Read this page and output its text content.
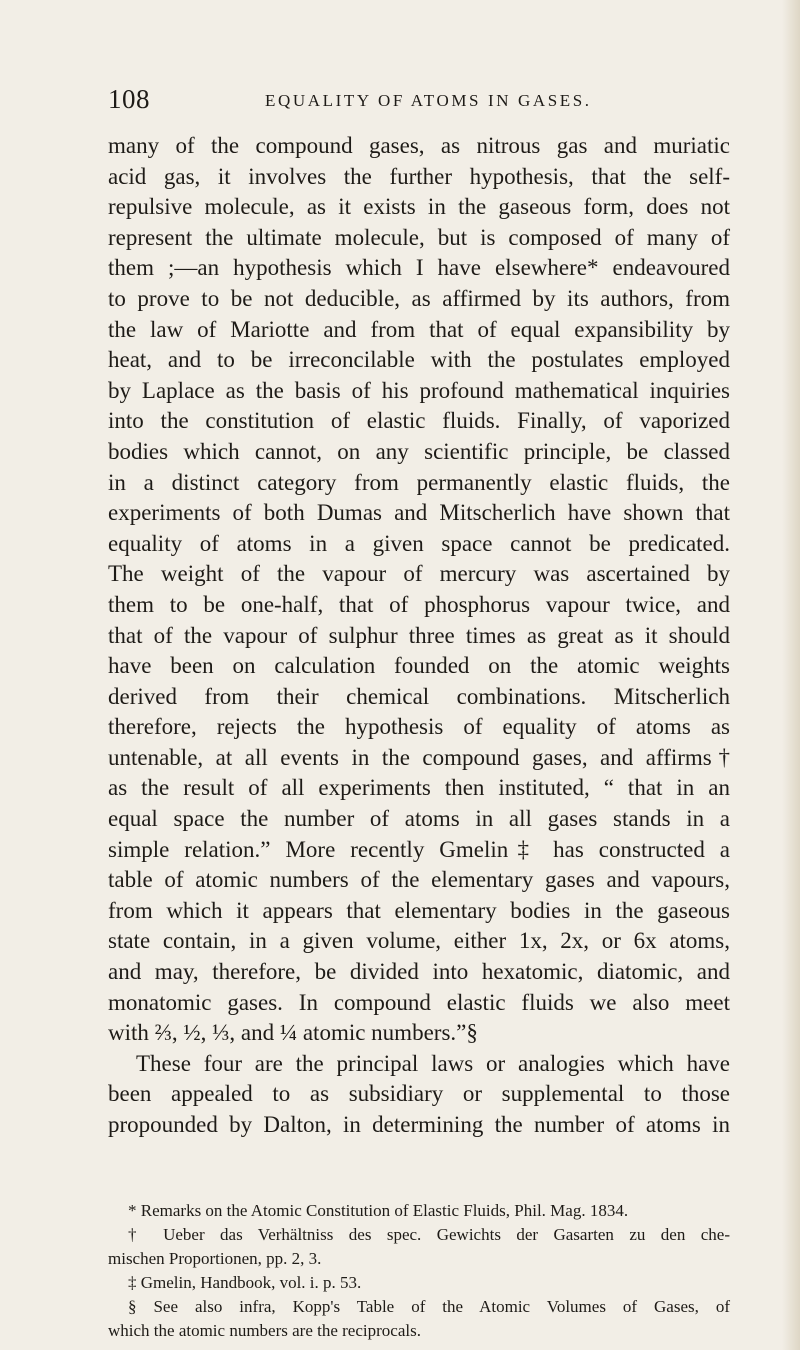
108	EQUALITY OF ATOMS IN GASES.
many of the compound gases, as nitrous gas and muriatic
acid gas, it involves the further hypothesis, that the self-
repulsive molecule, as it exists in the gaseous form, does not
represent the ultimate molecule, but is composed of many of
them ;—an hypothesis which I have elsewhere* endeavoured
to prove to be not deducible, as affirmed by its authors, from
the law of Mariotte and from that of equal expansibility by
heat, and to be irreconcilable with the postulates employed
by Laplace as the basis of his profound mathematical inquiries
into the constitution of elastic fluids. Finally, of vaporized
bodies which cannot, on any scientific principle, be classed
in a distinct category from permanently elastic fluids, the
experiments of both Dumas and Mitscherlich have shown that
equality of atoms in a given space cannot be predicated.
The weight of the vapour of mercury was ascertained by
them to be one-half, that of phosphorus vapour twice, and
that of the vapour of sulphur three times as great as it should
have been on calculation founded on the atomic weights
derived from their chemical combinations. Mitscherlich
therefore, rejects the hypothesis of equality of atoms as
untenable, at all events in the compound gases, and affirms†
as the result of all experiments then instituted, “ that in an
equal space the number of atoms in all gases stands in a
simple relation.” More recently Gmelin‡ has constructed a
table of atomic numbers of the elementary gases and vapours,
from which it appears that elementary bodies in the gaseous
state contain, in a given volume, either 1x, 2x, or 6x atoms,
and may, therefore, be divided into hexatomic, diatomic, and
monatomic gases. In compound elastic fluids we also meet
with ⅔, ½, ⅓, and ¼ atomic numbers.”§
These four are the principal laws or analogies which have
been appealed to as subsidiary or supplemental to those
propounded by Dalton, in determining the number of atoms in
* Remarks on the Atomic Constitution of Elastic Fluids, Phil. Mag. 1834.
† Ueber das Verhältniss des spec. Gewichts der Gasarten zu den che-
mischen Proportionen, pp. 2, 3.
‡ Gmelin, Handbook, vol. i. p. 53.
§ See also infra, Kopp's Table of the Atomic Volumes of Gases, of
which the atomic numbers are the reciprocals.
